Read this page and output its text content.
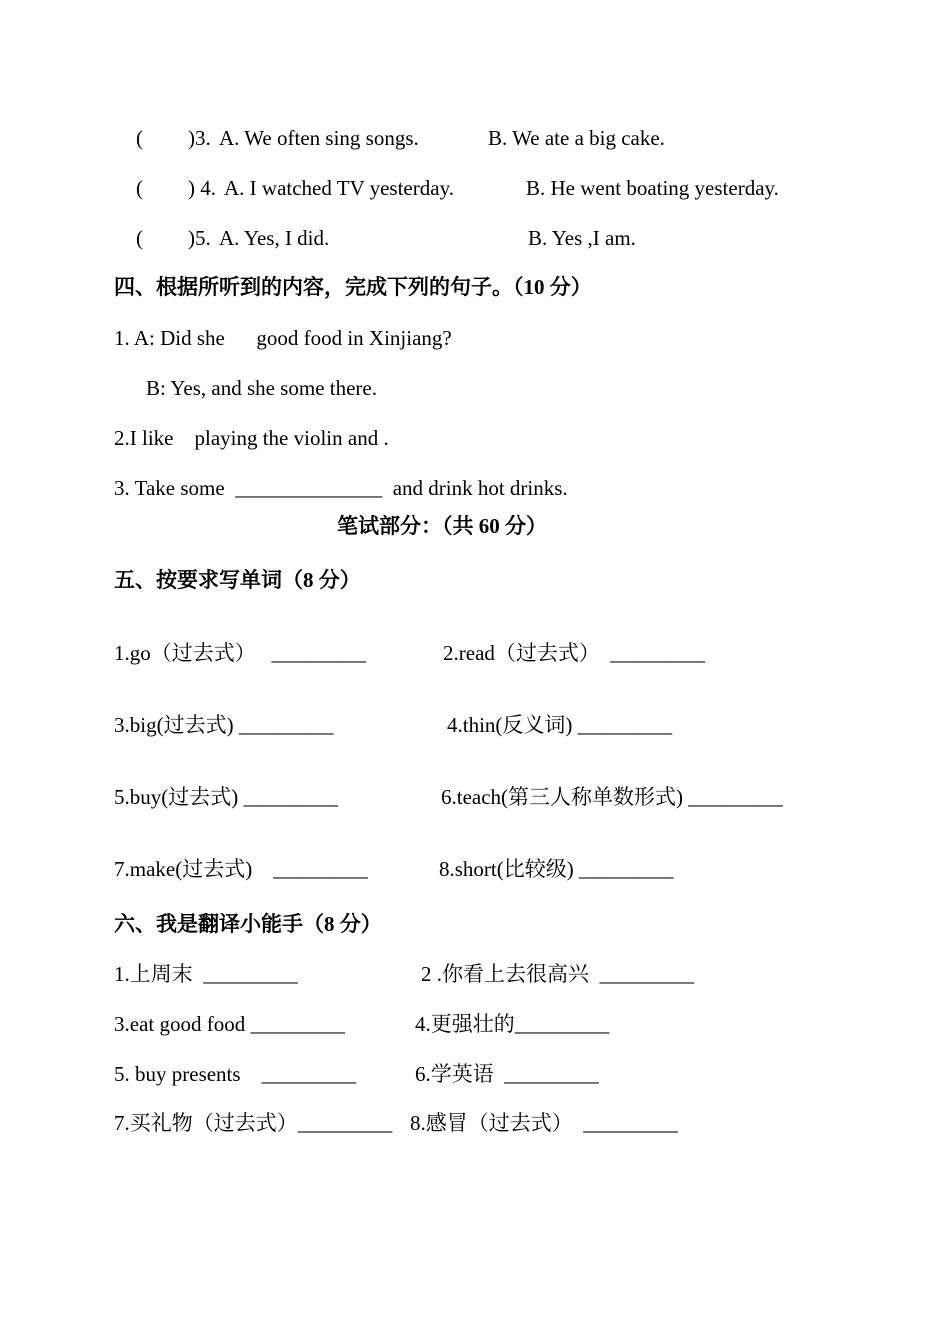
( )3. A. We often sing songs.	B. We ate a big cake.
( ) 4. A. I watched TV yesterday.	B. He went boating yesterday.
( )5. A. Yes, I did.	B. Yes ,I am.
四、根据所听到的内容，完成下列的句子。（10 分）
1. A: Did she      good food in Xinjiang?
B: Yes, and she some there.
2.I like    playing the violin and .
3. Take some  ______________  and drink hot drinks.
笔试部分：（共 60 分）
五、按要求写单词（8 分）
1.go（过去式）   _________	2.read（过去式）  _________
3.big(过去式) _________	4.thin(反义词) _________
5.buy(过去式) _________	6.teach(第三人称单数形式) _________
7.make(过去式)    _________	8.short(比较级) _________
六、我是翻译小能手（8 分）
1.上周末  _________	2 .你看上去很高兴  _________
3.eat good food _________	4.更强壮的_________
5. buy presents    _________	6.学英语  _________
7.买礼物（过去式）_________ 8.感冒（过去式）  _________
